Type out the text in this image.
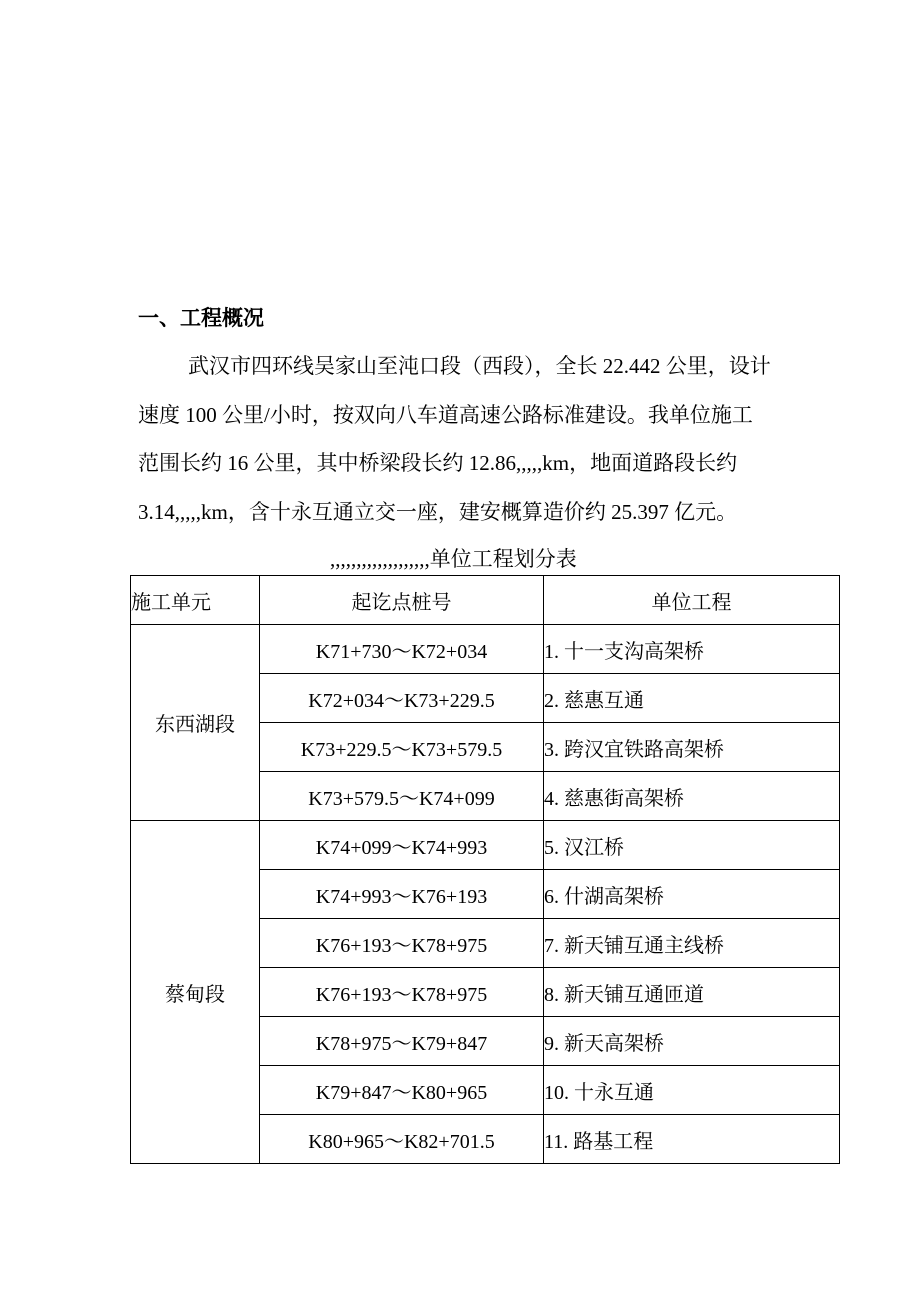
一、工程概况
武汉市四环线吴家山至沌口段（西段），全长 22.442 公里，设计
速度 100 公里/小时，按双向八车道高速公路标准建设。我单位施工
范围长约 16 公里，其中桥梁段长约 12.86,,,,,km，地面道路段长约
3.14,,,,,km，含十永互通立交一座，建安概算造价约 25.397 亿元。
,,,,,,,,,,,,,,,,,,,单位工程划分表
施工单元	起讫点桩号	单位工程
东西湖段	K71+730～K72+034	1. 十一支沟高架桥
	K72+034～K73+229.5	2. 慈惠互通
	K73+229.5～K73+579.5	3. 跨汉宜铁路高架桥
	K73+579.5～K74+099	4. 慈惠街高架桥
蔡甸段	K74+099～K74+993	5. 汉江桥
	K74+993～K76+193	6. 什湖高架桥
	K76+193～K78+975	7. 新天铺互通主线桥
	K76+193～K78+975	8. 新天铺互通匝道
	K78+975～K79+847	9. 新天高架桥
	K79+847～K80+965	10. 十永互通
	K80+965～K82+701.5	11. 路基工程
